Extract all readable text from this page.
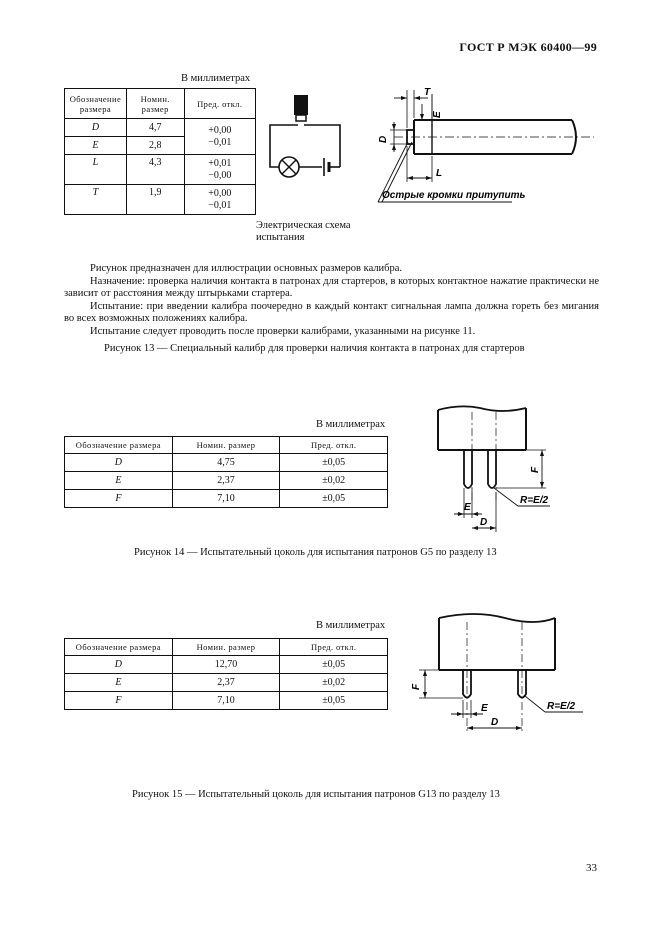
ГОСТ Р МЭК 60400—99
В миллиметрах
Обозначение размера	Номин. размер	Пред. откл.
D	4,7	+0,00
−0,01

E	2,8	
L	4,3	+0,01
−0,00

T	1,9	+0,00
−0,01
Электрическая схема испытания
T
E
D
L
Острые кромки притупить

Рисунок предназначен для иллюстрации основных размеров калибра.

Назначение: проверка наличия контакта в патронах для стартеров, в которых контактное нажатие практически не зависит от расстояния между штырьками стартера.

Испытание: при введении калибра поочередно в каждый контакт сигнальная лампа должна гореть без мигания во всех возможных положениях калибра.

Испытание следует проводить после проверки калибрами, указанными на рисунке 11.

Рисунок 13 — Специальный калибр для проверки наличия контакта в патронах для стартеров
В миллиметрах
Обозначение размера	Номин. размер	Пред. откл.
D	4,75	±0,05
E	2,37	±0,02
F	7,10	±0,05
F
R=E/2
E
D
Рисунок 14 — Испытательный цоколь для испытания патронов G5 по разделу 13
В миллиметрах
Обозначение размера	Номин. размер	Пред. откл.
D	12,70	±0,05
E	2,37	±0,02
F	7,10	±0,05
F
R=E/2
E
D
Рисунок 15 — Испытательный цоколь для испытания патронов G13 по разделу 13
33
